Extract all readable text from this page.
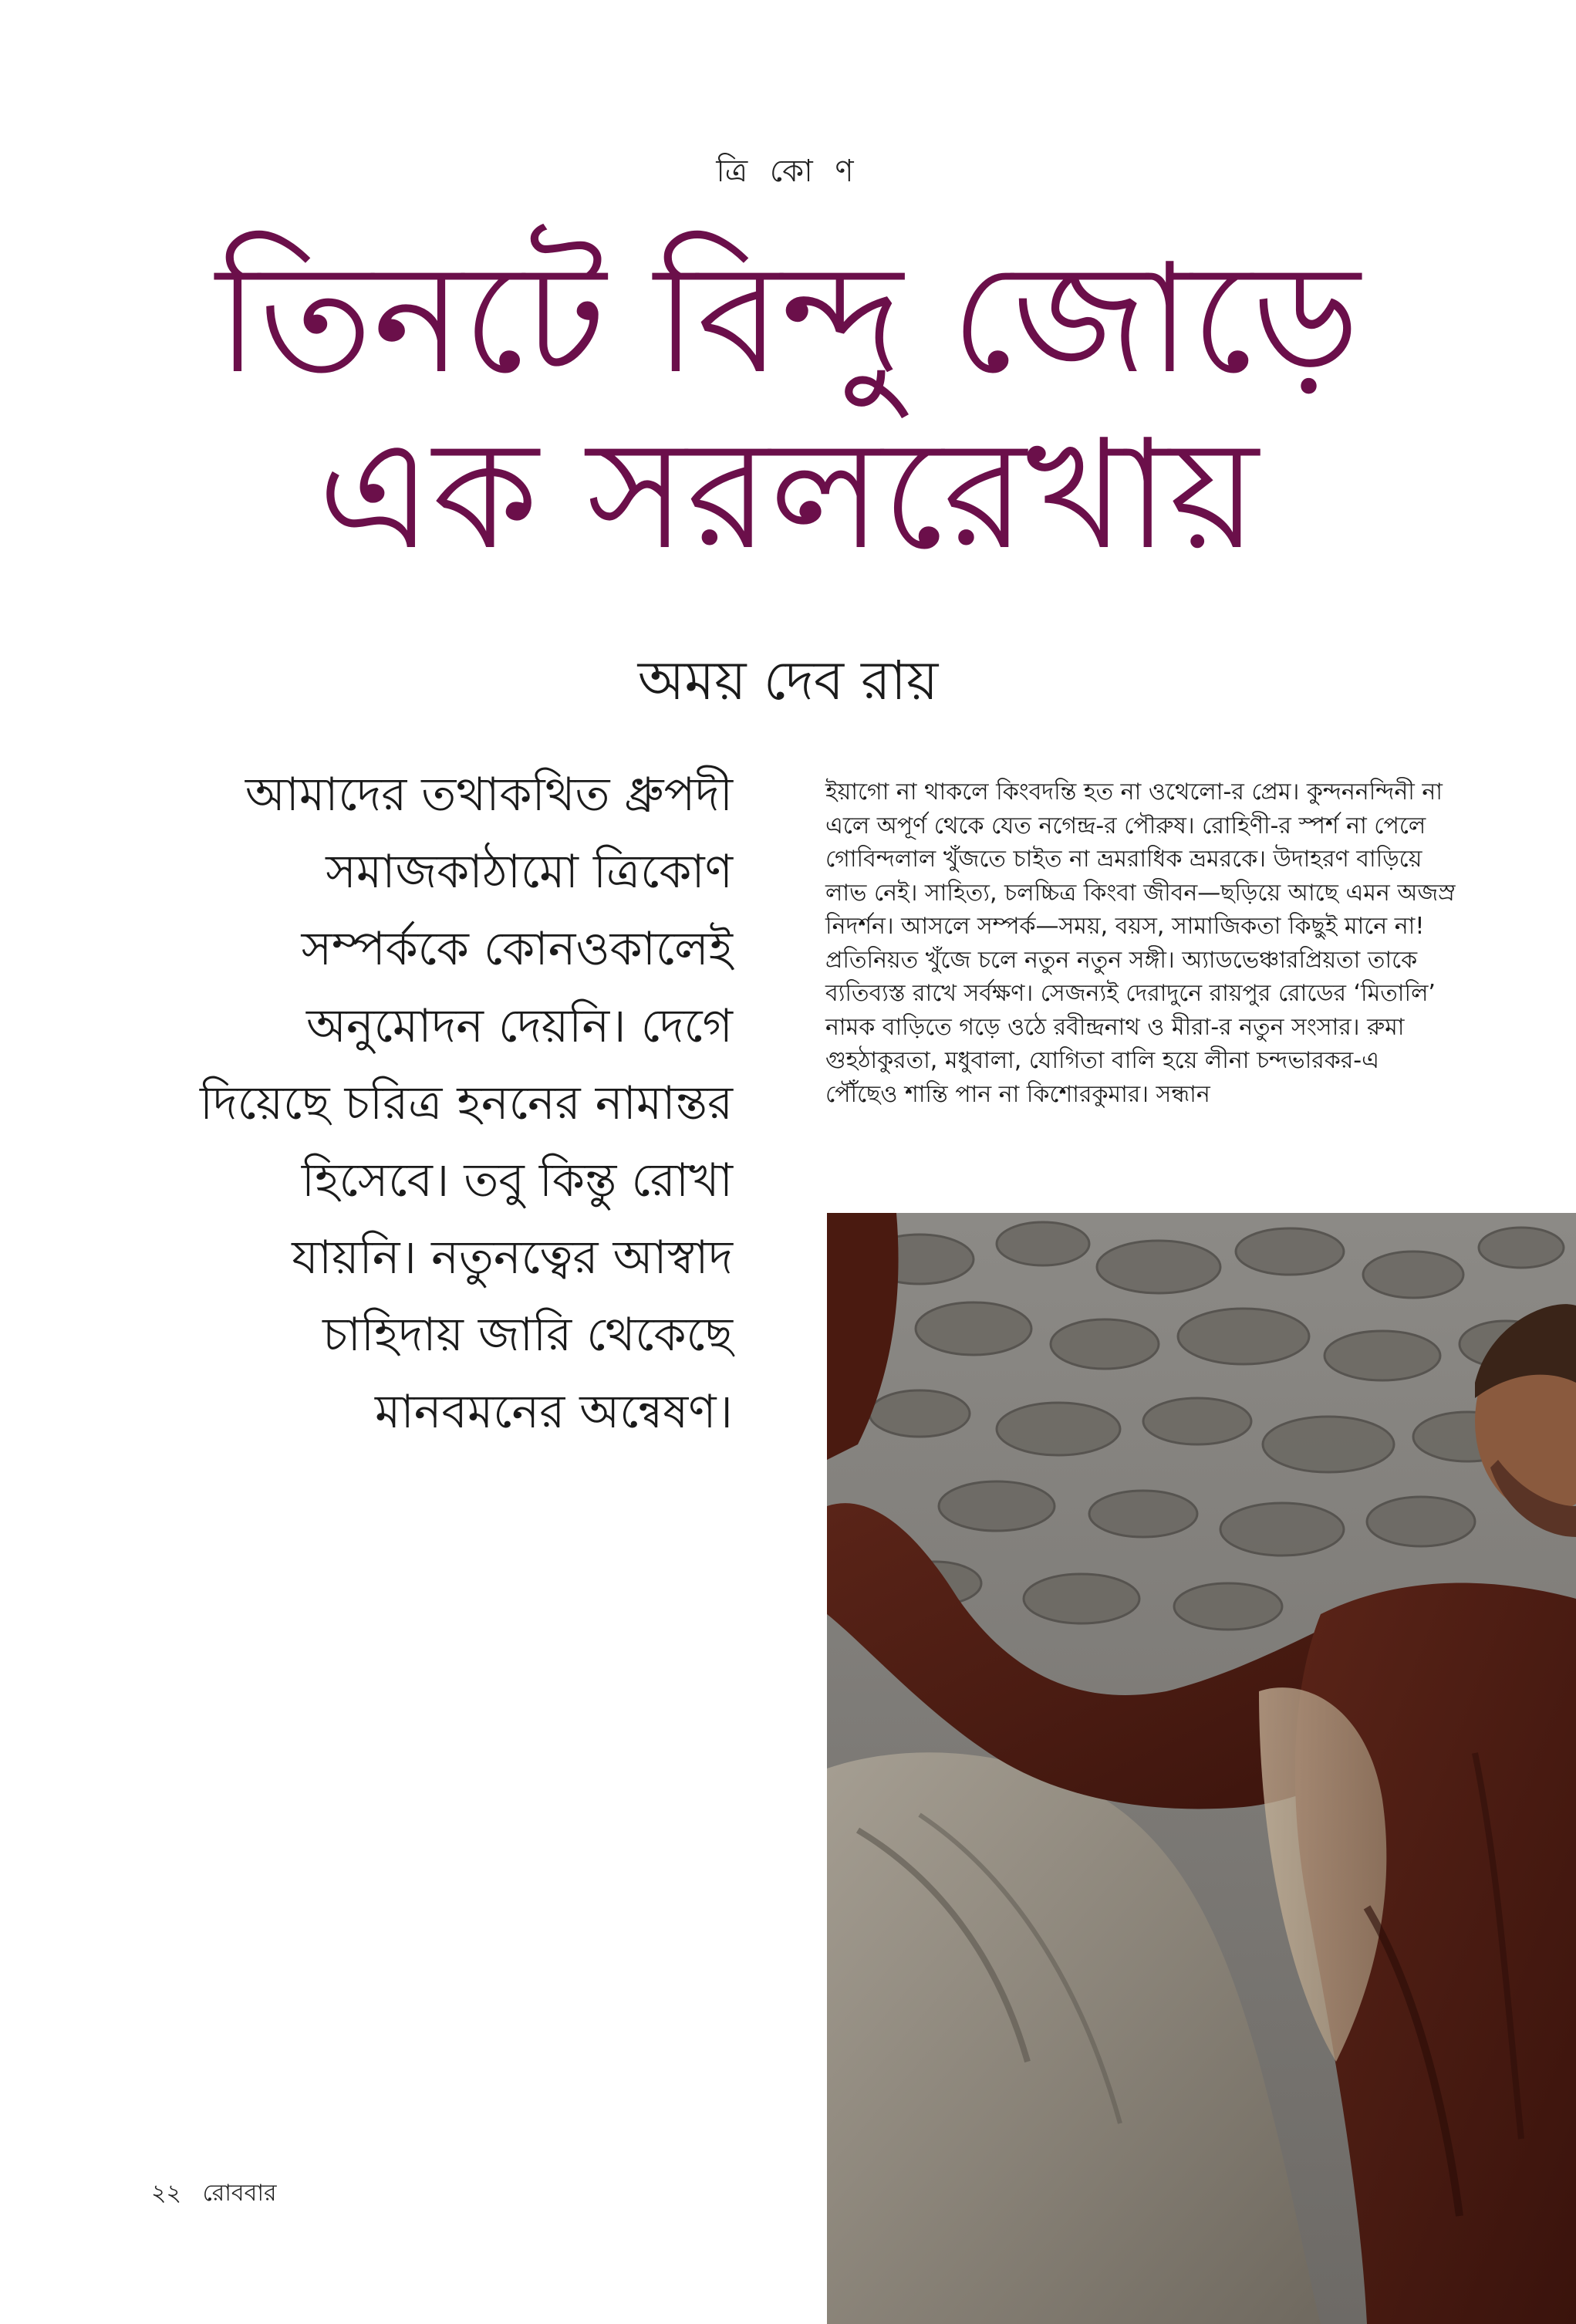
ত্রি কো ণ
তিনটে বিন্দু জোড়ে
এক সরলরেখায়
অময় দেব রায়
আমাদের তথাকথিত ধ্রুপদী সমাজকাঠামো ত্রিকোণ সম্পর্ককে কোনওকালেই অনুমোদন দেয়নি। দেগে দিয়েছে চরিত্র হননের নামান্তর হিসেবে। তবু কিন্তু রোখা যায়নি। নতুনত্বের আস্বাদ চাহিদায় জারি থেকেছে মানবমনের অন্বেষণ।
ইয়াগো না থাকলে কিংবদন্তি হত না ওথেলো-র প্রেম। কুন্দননন্দিনী না এলে অপূর্ণ থেকে যেত নগেন্দ্র-র পৌরুষ। রোহিণী-র স্পর্শ না পেলে গোবিন্দলাল খুঁজতে চাইত না ভ্রমরাধিক ভ্রমরকে। উদাহরণ বাড়িয়ে লাভ নেই। সাহিত্য, চলচ্চিত্র কিংবা জীবন—ছড়িয়ে আছে এমন অজস্র নিদর্শন। আসলে সম্পর্ক—সময়, বয়স, সামাজিকতা কিছুই মানে না! প্রতিনিয়ত খুঁজে চলে নতুন নতুন সঙ্গী। অ্যাডভেঞ্চারপ্রিয়তা তাকে ব্যতিব্যস্ত রাখে সর্বক্ষণ। সেজন্যই দেরাদুনে রায়পুর রোডের ‘মিতালি’ নামক বাড়িতে গড়ে ওঠে রবীন্দ্রনাথ ও মীরা-র নতুন সংসার। রুমা গুহঠাকুরতা, মধুবালা, যোগিতা বালি হয়ে লীনা চন্দভারকর-এ পৌঁছেও শান্তি পান না কিশোরকুমার। সন্ধান
২২ রোববার
